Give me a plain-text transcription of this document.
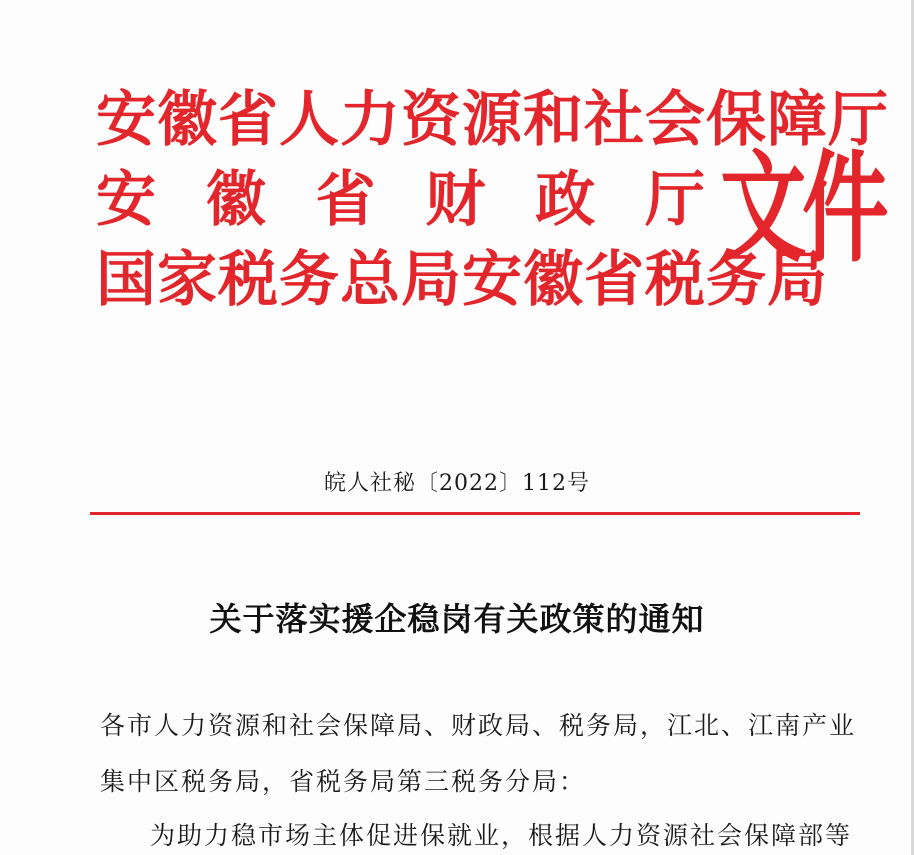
安徽省人力资源和社会保障厅
安 徽 省 财 政 厅
国家税务总局安徽省税务局
文件
皖人社秘〔2022〕112号
关于落实援企稳岗有关政策的通知
各市人力资源和社会保障局、财政局、税务局，江北、江南产业
集中区税务局，省税务局第三税务分局：
为助力稳市场主体促进保就业，根据人力资源社会保障部等
